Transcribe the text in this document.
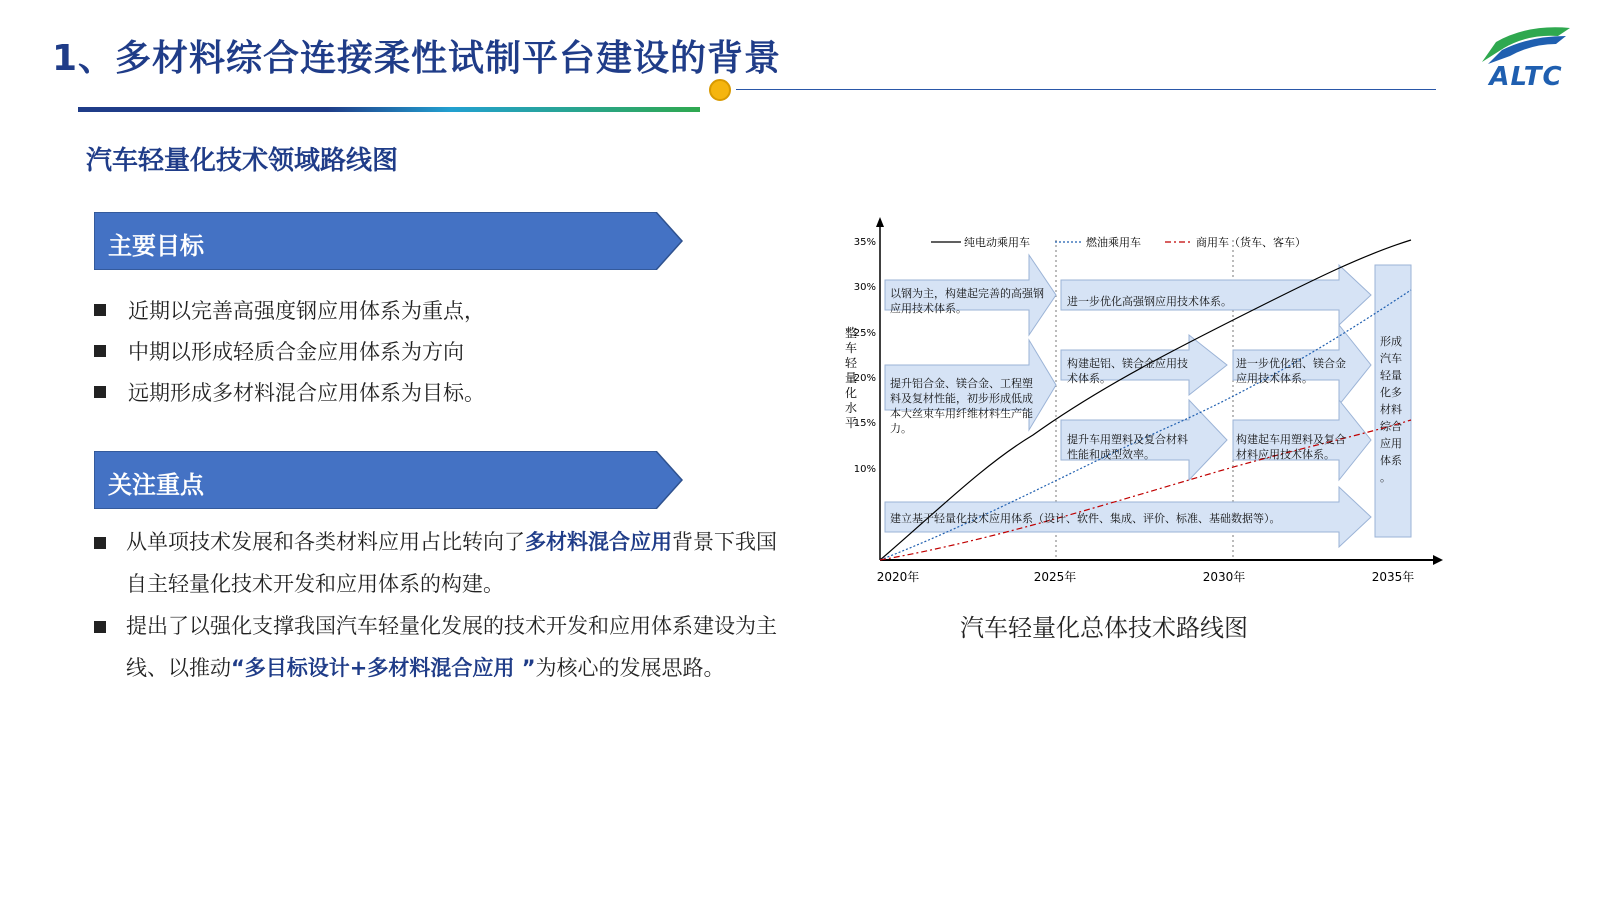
1、多材料综合连接柔性试制平台建设的背景	ALTC
汽车轻量化技术领域路线图
主要目标
近期以完善高强度钢应用体系为重点，
中期以形成轻质合金应用体系为方向
远期形成多材料混合应用体系为目标。
关注重点
从单项技术发展和各类材料应用占比转向了多材料混合应用背景下我国自主轻量化技术开发和应用体系的构建。
提出了以强化支撑我国汽车轻量化发展的技术开发和应用体系建设为主线、以推动“多目标设计+多材料混合应用 ”为核心的发展思路。
35%
30%
25%
20%
15%
10%
2020年	2025年	2030年	2035年
整车轻量化水平
纯电动乘用车	燃油乘用车	商用车（货车、客车）
以钢为主，构建起完善的高强钢应用技术体系。
进一步优化高强钢应用技术体系。
提升铝合金、镁合金、工程塑料及复材性能，初步形成低成本大丝束车用纤维材料生产能力。
构建起铝、镁合金应用技术体系。
进一步优化铝、镁合金应用技术体系。
提升车用塑料及复合材料性能和成型效率。
构建起车用塑料及复合材料应用技术体系。
建立基于轻量化技术应用体系（设计、软件、集成、评价、标准、基础数据等）。
形成汽车轻量化多材料综合应用体系。
汽车轻量化总体技术路线图
